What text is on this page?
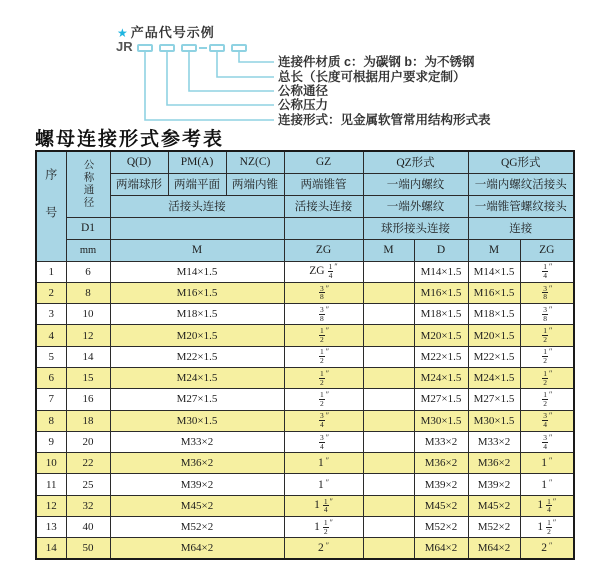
★ 产品代号示例
JR
连接件材质 c：为碳钢 b：为不锈钢
总长（长度可根据用户要求定制）
公称通径
公称压力
连接形式：见金属软管常用结构形式表
螺母连接形式参考表
序号	公称通径	Q(D)	PM(A)	NZ(C)	GZ	QZ形式		QG形式	
		两端球形	两端平面	两端内锥	两端锥管	一端内螺纹		一端内螺纹活接头	
		活接头连接			活接头连接	一端外螺纹		一端锥管螺纹接头	
	D1					球形接头连接		连接	
	mm	M			ZG	M	D	M	ZG
1	6	M14×1.5			ZG $\frac{1}{4} ''$		M14×1.5	M14×1.5	$\frac{1}{4} ''$
2	8	M16×1.5			$\frac{3}{8} ''$		M16×1.5	M16×1.5	$\frac{3}{8} ''$
3	10	M18×1.5			$\frac{3}{8} ''$		M18×1.5	M18×1.5	$\frac{3}{8} ''$
4	12	M20×1.5			$\frac{1}{2} ''$		M20×1.5	M20×1.5	$\frac{1}{2} ''$
5	14	M22×1.5			$\frac{1}{2} ''$		M22×1.5	M22×1.5	$\frac{1}{2} ''$
6	15	M24×1.5			$\frac{1}{2} ''$		M24×1.5	M24×1.5	$\frac{1}{2} ''$
7	16	M27×1.5			$\frac{1}{2} ''$		M27×1.5	M27×1.5	$\frac{1}{2} ''$
8	18	M30×1.5			$\frac{3}{4} ''$		M30×1.5	M30×1.5	$\frac{3}{4} ''$
9	20	M33×2			$\frac{3}{4} ''$		M33×2	M33×2	$\frac{3}{4} ''$
10	22	M36×2			1 ″		M36×2	M36×2	1 ″
11	25	M39×2			1 ″		M39×2	M39×2	1 ″
12	32	M45×2			$1 \frac{1}{4} ''$		M45×2	M45×2	$1 \frac{1}{4} ''$
13	40	M52×2			$1 \frac{1}{2} ''$		M52×2	M52×2	$1 \frac{1}{2} ''$
14	50	M64×2			2 ″		M64×2	M64×2	2 ″
